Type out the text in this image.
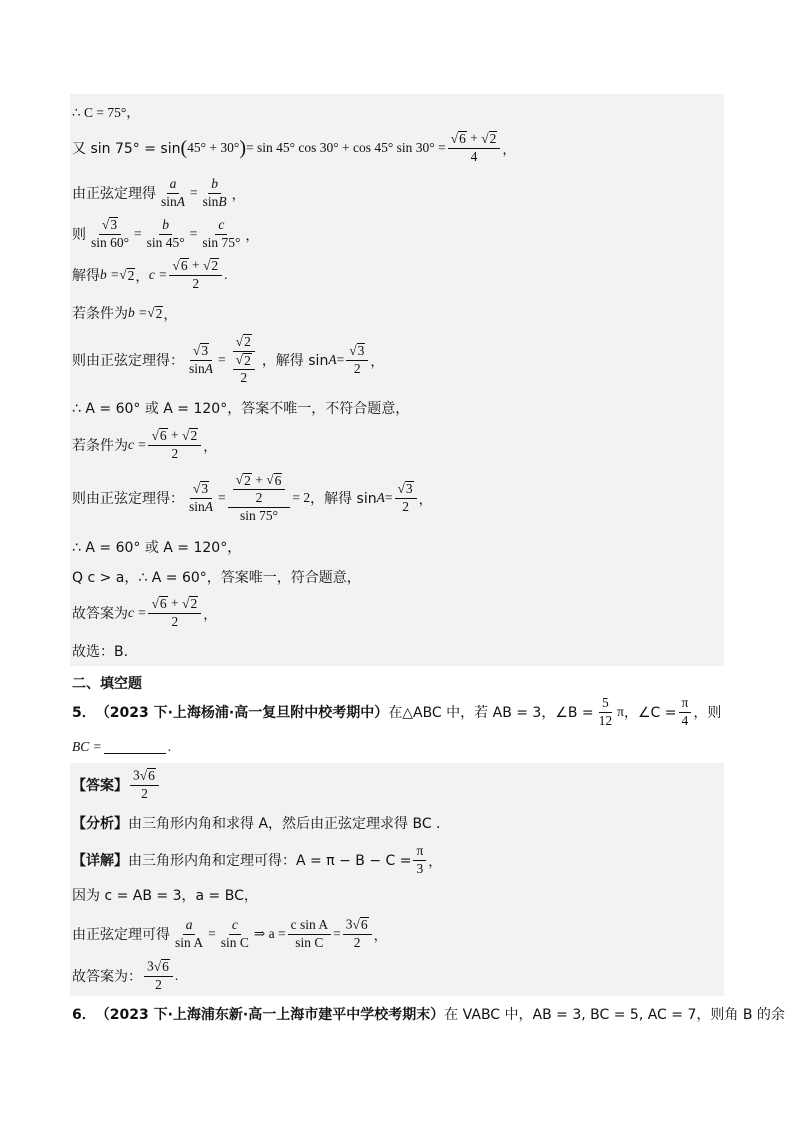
∴ C = 75°，
又 sin 75° = sin ( 45° + 30° ) = sin 45° cos 30° + cos 45° $\sin 30^\circ = \frac{√ 6 + √ 2}{4}$ ，
由正弦定理得 $\frac{a}{\sin A} = \frac{b}{\sin B}$ ，
则 $\frac{√ 3}{\sin 60^\circ} = \frac{b}{\sin 45^\circ} = \frac{c}{\sin 75^\circ}$ ，
解得 b = √ 2 ， $c = \frac{√ 6 + √ 2}{2}$ .
若条件为 b = √ 2 ，
则由正弦定理得： $\frac{√ 3}{\sin A} = \frac{√ 2}{\frac{√ 2}{2}}$ ，解得 $\sin A = \frac{√ 3}{2}$ ，
∴ A = 60° 或 A = 120°，答案不唯一，不符合题意，
若条件为 $c = \frac{√ 6 + √ 2}{2}$ ，
则由正弦定理得： $\frac{√ 3}{\sin A} = \frac{\frac{√ 2 + √ 6}{2}}{\sin 75^\circ} = 2$ ，解得 $\sin A = \frac{√ 3}{2}$ ，
∴ A = 60° 或 A = 120°，
Q c > a，∴ A = 60°，答案唯一，符合题意，
故答案为 $c = \frac{√ 6 + √ 2}{2}$ ，
故选：B.
二、填空题
5． （2023 下·上海杨浦·高一复旦附中校考期中） 在△ABC 中，若 AB = 3，∠B = $\frac{5}{12}$ π ，∠C = $\frac{\pi}{4}$ ，则
BC =	.
【答案】 $\frac{3 √ 6}{2}$
【分析】 由三角形内角和求得 A，然后由正弦定理求得 BC .
【详解】 由三角形内角和定理可得：$A = \pi - B - C = \frac{\pi}{3}$ ，
因为 c = AB = 3，a = BC，
由正弦定理可得 $\frac{a}{\text{sin A}} = \frac{c}{\text{sin C}}$ ⇒ $a = \frac{\text{c sin A}}{\text{sin C}} = \frac{3 √ 6}{2}$ ，
故答案为： $\frac{3 √ 6}{2}$ .
6． （2023 下·上海浦东新·高一上海市建平中学校考期末） 在 VABC 中，AB = 3, BC = 5, AC = 7，则角 B 的余
